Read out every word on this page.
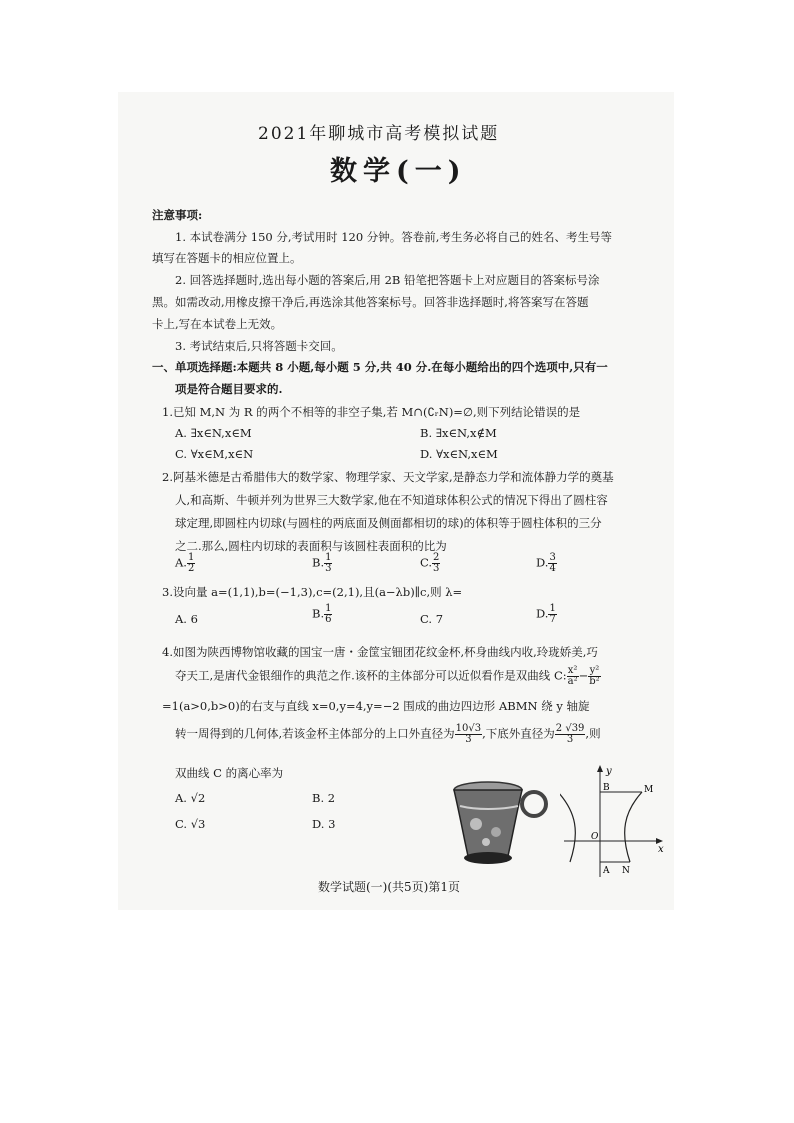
2021年聊城市高考模拟试题
数学(一)
注意事项:
1. 本试卷满分 150 分,考试用时 120 分钟。答卷前,考生务必将自己的姓名、考生号等
填写在答题卡的相应位置上。
2. 回答选择题时,选出每小题的答案后,用 2B 铅笔把答题卡上对应题目的答案标号涂
黑。如需改动,用橡皮擦干净后,再选涂其他答案标号。回答非选择题时,将答案写在答题
卡上,写在本试卷上无效。
3. 考试结束后,只将答题卡交回。
一、单项选择题:本题共 8 小题,每小题 5 分,共 40 分.在每小题给出的四个选项中,只有一
项是符合题目要求的.
1.已知 M,N 为 R 的两个不相等的非空子集,若 M∩(∁ᵣN)=∅,则下列结论错误的是
A. ∃x∈N,x∈M	B. ∃x∈N,x∉M
C. ∀x∈M,x∈N	D. ∀x∈N,x∈M
2.阿基米德是古希腊伟大的数学家、物理学家、天文学家,是静态力学和流体静力学的奠基
人,和高斯、牛顿并列为世界三大数学家,他在不知道球体积公式的情况下得出了圆柱容
球定理,即圆柱内切球(与圆柱的两底面及侧面都相切的球)的体积等于圆柱体积的三分
之二.那么,圆柱内切球的表面积与该圆柱表面积的比为
A. $\frac{1}{2}$	B. $\frac{1}{3}$	C. $\frac{2}{3}$	D. $\frac{3}{4}$
3.设向量 a=(1,1),b=(−1,3),c=(2,1),且(a−λb)∥c,则 λ=
A. 6	B. $\frac{1}{6}$	C. 7	D. $\frac{1}{7}$
4.如图为陕西博物馆收藏的国宝一唐・金筐宝钿团花纹金杯,杯身曲线内收,玲珑娇美,巧
夺天工,是唐代金银细作的典范之作.该杯的主体部分可以近似看作是双曲线 C: $\frac{\text{x²}}{\text{a²}} - \frac{\text{y²}}{\text{b²}}$
=1(a>0,b>0)的右支与直线 x=0,y=4,y=−2 围成的曲边四边形 ABMN 绕 y 轴旋
转一周得到的几何体,若该金杯主体部分的上口外直径为 $\frac{10√3}{3}$ ,下底外直径为 $\frac{2 √39}{3}$ ,则
双曲线 C 的离心率为
A. √2	B. 2
C. √3	D. 3
y
x
B	M
O
A N
数学试题(一)(共5页)第1页
